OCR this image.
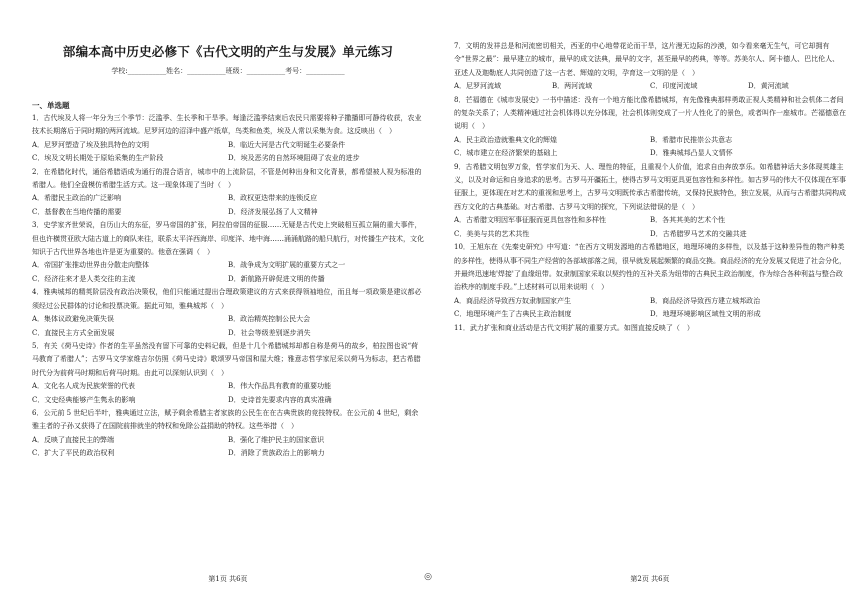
部编本高中历史必修下《古代文明的产生与发展》单元练习
学校:___________姓名：___________班级：___________考号：___________
一、单选题

1．古代埃及人将一年分为三个季节：泛滥季、生长季和干旱季。每逢泛滥季结束后农民只需要将种子撒播即可静待收获，农业技术长期落后于同时期的两河流域。尼罗河边的沼泽中盛产纸草，鸟类和鱼类，埃及人常以采集为食。这反映出（　）

A．尼罗河塑造了埃及独具特色的文明	B．临近大河是古代文明诞生必要条件
C．埃及文明长期处于原始采集的生产阶段	D．埃及恶劣的自然环境阻碍了农业的进步

2．在希腊化时代，通俗希腊语成为通行的混合语言，城市中的上流阶层，不管是何种出身和文化背景，都希望被人视为标准的希腊人。他们全盘模仿希腊生活方式。这一现象体现了当时（　）

A．希腊民主政治的广泛影响	B．政权更迭带来的连锁反应
C．基督教在当地传播的需要	D．经济发展弘扬了人文精神

3．史学家齐世荣说，自历山大的东征，罗马帝国的扩张，阿拉伯帝国的征服……无疑是古代史上突破相互孤立隔的重大事件，但也许横贯亚欧大陆古道上的商队来往，联系太平洋西海岸、印度洋、地中海……涌涌航路的船只航行，对传播生产技术，文化知识于古代世界各地也许是更为重要的。他意在强调（　）

A．帝国扩张推动世界由分散走向整体	B．战争成为文明扩展的重要方式之一
C．经济往来才是人类交往的主流	D．新航路开辟促进文明的传播

4．雅典城邦的精英阶层没有政治决策权，他们只能通过提出合理政策建议的方式来获得领袖地位，而且每一项政策是建议都必须经过公民群体的讨论和投票决策。据此可知，雅典城邦（　）

A．集体议政避免决策失误	B．政治精英控制公民大会
C．直接民主方式全面发展	D．社会等级差别逐步消失

5．有关《荷马史诗》作者的生平虽然没有留下可靠的史料记载，但是十几个希腊城邦却都自称是荷马的故乡，柏拉图也说“荷马教育了希腊人”；古罗马文学家维吉尔仿照《荷马史诗》歌颂罗马帝国和屋大维；雅意志哲学家尼采以荷马为标志，把古希腊时代分为前荷马时期和后荷马时期。由此可以深刻认识到（　）

A．文化名人成为民族荣誉的代表	B．伟大作品具有教育的重要功能
C．文史经典能够产生隽永的影响	D．史诗首先要求内容的真实准确

6．公元前 5 世纪后半叶，雅典通过立法，赋予剩余希腊主者家族的公民生在在古典贵族的竞技特权。在公元前 4 世纪，剩余雅主者的子孙又获得了在国院前排就坐的特权和免除公益捐助的特权。这些举措（　）

A．反映了直接民主的弊端	B．强化了维护民主的国家意识
C．扩大了平民的政治权利	D．消除了贵族政治上的影响力
第1页 共6页	◎

7．文明的发祥总是和河流密切相关，西亚的中心地带花论而干旱，这片漫无边际的沙漠，如今看来毫无生气，可它却拥有令“世界之最”：最早建立的城市，最早的成文法典，最早的文字，甚至最早的药典，等等。苏美尔人、阿卡德人、巴比伦人、亚述人及迦勒底人共同创造了这一古老、辉煌的文明，孕育这一文明的是（　）

A．尼罗河流域	B．两河流域	C．印度河流域	D．黄河流域

8．芒福德在《城市发展史》一书中描述：没有一个地方能比像希腊城邦，有先像雅典那样勇敢正视人类精神和社会机体二者间的复杂关系了；人类精神通过社会机体得以充分体现，社会机体则变成了一片人性化了的景色，或者叫作一座城市。芒福德意在说明（　）

A．民主政治造就雅典文化的辉煌	B．希腊市民推崇公共意志
C．城市建立在经济繁荣的基础上	D．雅典城邦凸显人文情怀

9．古希腊文明包罗万象，哲学家们为天、人、理性的特征，且重视个人价值，追求自由奔放享乐。如希腊神话大多体现英雄主义，以及对命运和自身追求的思考。古罗马开疆拓土，使得古罗马文明更具更包容性和多样性。如古罗马的伟大不仅体现在军事征服上，更体现在对艺术的重视和思考上，古罗马文明既传承古希腊传统，又保持民族特色，独立发展，从而与古希腊共同构成西方文化的古典基础。对古希腊、古罗马文明的探究，下列说法错误的是（　）

A．古希腊文明因军事征服而更具包容性和多样性	B．各其其美的艺术个性
C．美美与共的艺术共性	D．古希腊罗马艺术的交融共进

10．王旭东在《先秦史研究》中写道：“在西方文明发源地的古希腊地区，地理环境的多样性，以及基于这种差异性的物产种类的多样性，使得从事不同生产经营的各部域部落之间，很早就发展起频繁的商品交换。商品经济的充分发展又促进了社会分化，并最终迅速地'焊接'了血缘纽带。奴隶制国家采取以契约性的互补关系为纽带的古典民主政治制度，作为综合各种利益与整合政治秩序的制度手段。”上述材料可以用来说明（　）

A．商品经济导致西方奴隶制国家产生	B．商品经济导致西方建立城邦政治
C．地理环境产生了古典民主政治制度	D．地理环境影响区域性文明的形成

11．武力扩张和商业活动是古代文明扩展的重要方式。如图直接反映了（　）

第2页 共6页
